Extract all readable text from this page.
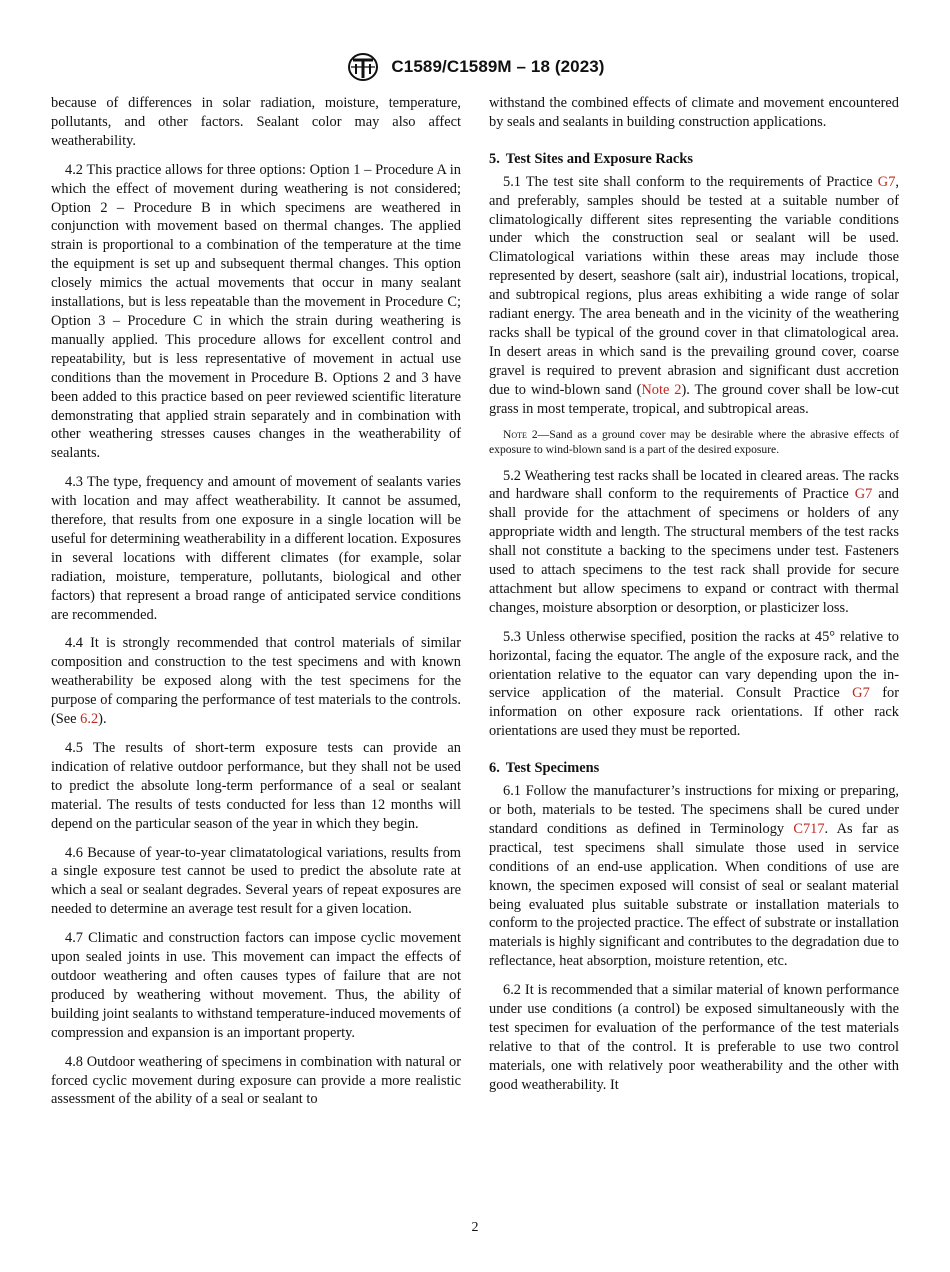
C1589/C1589M – 18 (2023)

because of differences in solar radiation, moisture, temperature, pollutants, and other factors. Sealant color may also affect weatherability.

4.2 This practice allows for three options: Option 1 – Procedure A in which the effect of movement during weathering is not considered; Option 2 – Procedure B in which specimens are weathered in conjunction with movement based on thermal changes. The applied strain is proportional to a combination of the temperature at the time the equipment is set up and subsequent thermal changes. This option closely mimics the actual movements that occur in many sealant installations, but is less repeatable than the movement in Procedure C; Option 3 – Procedure C in which the strain during weathering is manually applied. This procedure allows for excellent control and repeatability, but is less representative of movement in actual use conditions than the movement in Procedure B. Options 2 and 3 have been added to this practice based on peer reviewed scientific literature demonstrating that applied strain separately and in combination with other weathering stresses causes changes in the weatherability of sealants.

4.3 The type, frequency and amount of movement of sealants varies with location and may affect weatherability. It cannot be assumed, therefore, that results from one exposure in a single location will be useful for determining weatherability in a different location. Exposures in several locations with different climates (for example, solar radiation, moisture, temperature, pollutants, biological and other factors) that represent a broad range of anticipated service conditions are recommended.

4.4 It is strongly recommended that control materials of similar composition and construction to the test specimens and with known weatherability be exposed along with the test specimens for the purpose of comparing the performance of test materials to the controls. (See 6.2).

4.5 The results of short-term exposure tests can provide an indication of relative outdoor performance, but they shall not be used to predict the absolute long-term performance of a seal or sealant material. The results of tests conducted for less than 12 months will depend on the particular season of the year in which they begin.

4.6 Because of year-to-year climatatological variations, results from a single exposure test cannot be used to predict the absolute rate at which a seal or sealant degrades. Several years of repeat exposures are needed to determine an average test result for a given location.

4.7 Climatic and construction factors can impose cyclic movement upon sealed joints in use. This movement can impact the effects of outdoor weathering and often causes types of failure that are not produced by weathering without movement. Thus, the ability of building joint sealants to withstand temperature-induced movements of compression and expansion is an important property.

4.8 Outdoor weathering of specimens in combination with natural or forced cyclic movement during exposure can provide a more realistic assessment of the ability of a seal or sealant to

withstand the combined effects of climate and movement encountered by seals and sealants in building construction applications.

5. Test Sites and Exposure Racks

5.1 The test site shall conform to the requirements of Practice G7, and preferably, samples should be tested at a suitable number of climatologically different sites representing the variable conditions under which the construction seal or sealant will be used. Climatological variations within these areas may include those represented by desert, seashore (salt air), industrial locations, tropical, and subtropical regions, plus areas exhibiting a wide range of solar radiant energy. The area beneath and in the vicinity of the weathering racks shall be typical of the ground cover in that climatological area. In desert areas in which sand is the prevailing ground cover, coarse gravel is required to prevent abrasion and significant dust accretion due to wind-blown sand (Note 2). The ground cover shall be low-cut grass in most temperate, tropical, and subtropical areas.

Note 2—Sand as a ground cover may be desirable where the abrasive effects of exposure to wind-blown sand is a part of the desired exposure.

5.2 Weathering test racks shall be located in cleared areas. The racks and hardware shall conform to the requirements of Practice G7 and shall provide for the attachment of specimens or holders of any appropriate width and length. The structural members of the test racks shall not constitute a backing to the specimens under test. Fasteners used to attach specimens to the test rack shall provide for secure attachment but allow specimens to expand or contract with thermal changes, moisture absorption or desorption, or plasticizer loss.

5.3 Unless otherwise specified, position the racks at 45° relative to horizontal, facing the equator. The angle of the exposure rack, and the orientation relative to the equator can vary depending upon the in-service application of the material. Consult Practice G7 for information on other exposure rack orientations. If other rack orientations are used they must be reported.

6. Test Specimens

6.1 Follow the manufacturer’s instructions for mixing or preparing, or both, materials to be tested. The specimens shall be cured under standard conditions as defined in Terminology C717. As far as practical, test specimens shall simulate those used in service conditions of an end-use application. When conditions of use are known, the specimen exposed will consist of seal or sealant material being evaluated plus suitable substrate or installation materials to conform to the projected practice. The effect of substrate or installation materials is highly significant and contributes to the degradation due to reflectance, heat absorption, moisture retention, etc.

6.2 It is recommended that a similar material of known performance under use conditions (a control) be exposed simultaneously with the test specimen for evaluation of the performance of the test materials relative to that of the control. It is preferable to use two control materials, one with relatively poor weatherability and the other with good weatherability. It

2
